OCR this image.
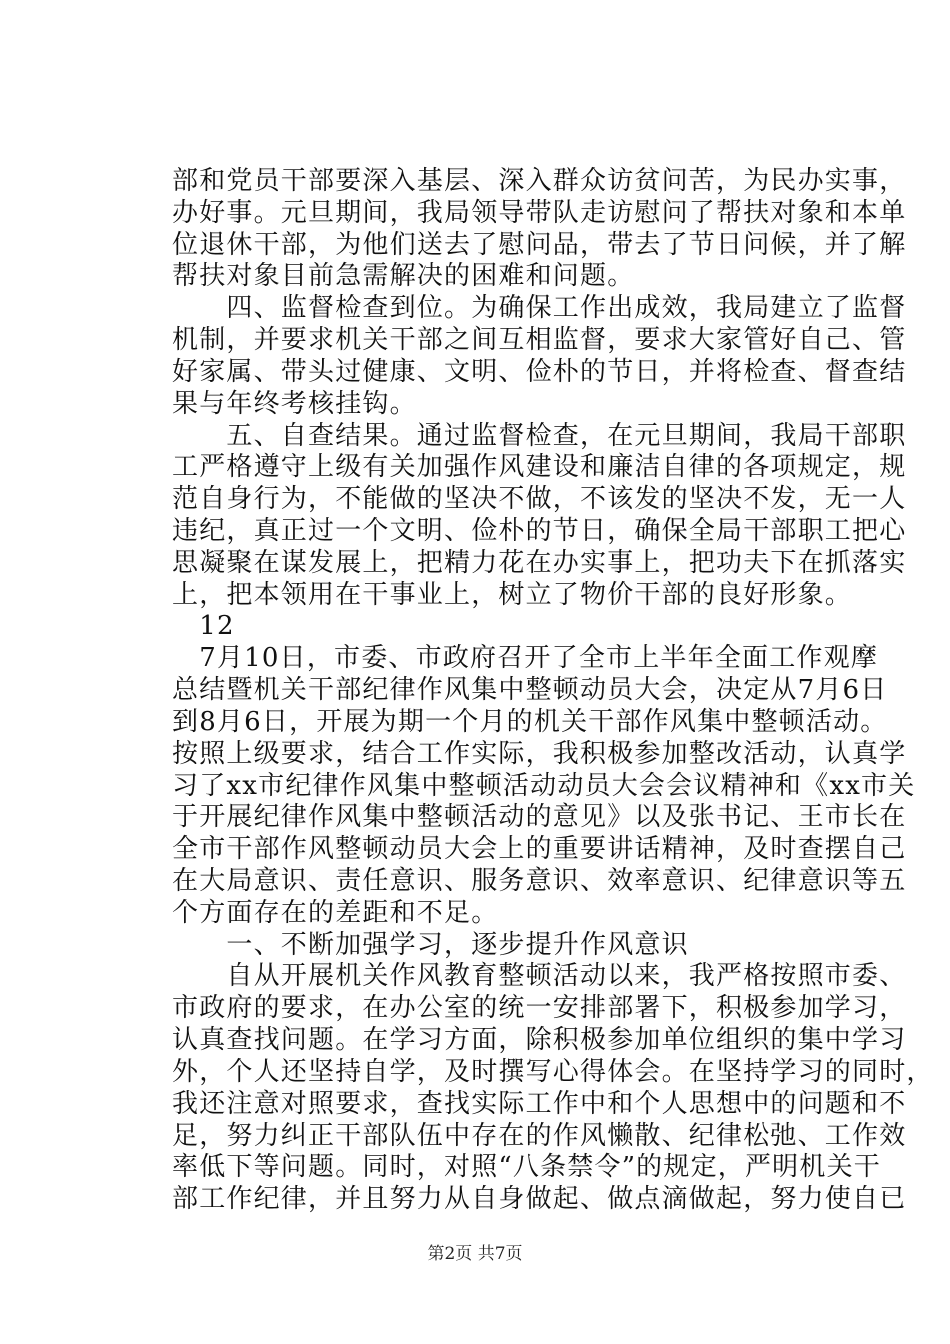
部和党员干部要深入基层、深入群众访贫问苦，为民办实事，
办好事。元旦期间，我局领导带队走访慰问了帮扶对象和本单
位退休干部，为他们送去了慰问品，带去了节日问候，并了解
帮扶对象目前急需解决的困难和问题。
　　四、监督检查到位。为确保工作出成效，我局建立了监督
机制，并要求机关干部之间互相监督，要求大家管好自己、管
好家属、带头过健康、文明、俭朴的节日，并将检查、督查结
果与年终考核挂钩。
　　五、自查结果。通过监督检查，在元旦期间，我局干部职
工严格遵守上级有关加强作风建设和廉洁自律的各项规定，规
范自身行为，不能做的坚决不做，不该发的坚决不发，无一人
违纪，真正过一个文明、俭朴的节日，确保全局干部职工把心
思凝聚在谋发展上，把精力花在办实事上，把功夫下在抓落实
上，把本领用在干事业上，树立了物价干部的良好形象。
　12
　7月10日，市委、市政府召开了全市上半年全面工作观摩
总结暨机关干部纪律作风集中整顿动员大会，决定从7月6日
到8月6日，开展为期一个月的机关干部作风集中整顿活动。
按照上级要求，结合工作实际，我积极参加整改活动，认真学
习了xx市纪律作风集中整顿活动动员大会会议精神和《xx市关
于开展纪律作风集中整顿活动的意见》以及张书记、王市长在
全市干部作风整顿动员大会上的重要讲话精神，及时查摆自己
在大局意识、责任意识、服务意识、效率意识、纪律意识等五
个方面存在的差距和不足。
　　一、不断加强学习，逐步提升作风意识
　　自从开展机关作风教育整顿活动以来，我严格按照市委、
市政府的要求，在办公室的统一安排部署下，积极参加学习，
认真查找问题。在学习方面，除积极参加单位组织的集中学习
外，个人还坚持自学，及时撰写心得体会。在坚持学习的同时，
我还注意对照要求，查找实际工作中和个人思想中的问题和不
足，努力纠正干部队伍中存在的作风懒散、纪律松弛、工作效
率低下等问题。同时，对照“八条禁令”的规定，严明机关干
部工作纪律，并且努力从自身做起、做点滴做起，努力使自已
第2页 共7页
